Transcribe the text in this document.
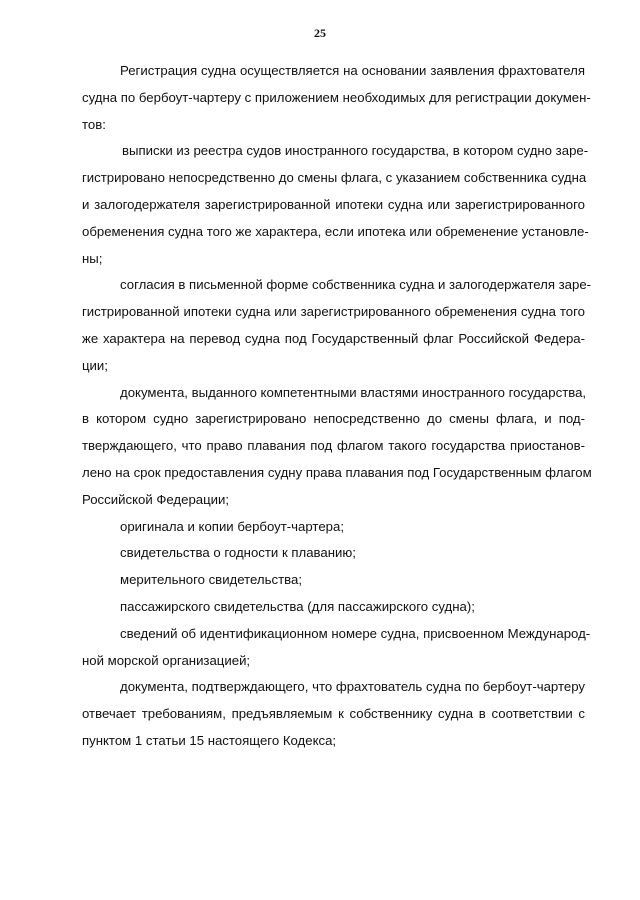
25

Регистрация судна осуществляется на основании заявления фрахтователя
судна по бербоут-чартеру с приложением необходимых для регистрации докумен-
тов:

выписки из реестра судов иностранного государства, в котором судно заре-
гистрировано непосредственно до смены флага, с указанием собственника судна
и залогодержателя зарегистрированной ипотеки судна или зарегистрированного
обременения судна того же характера, если ипотека или обременение установле-
ны;

согласия в письменной форме собственника судна и залогодержателя заре-
гистрированной ипотеки судна или зарегистрированного обременения судна того
же характера на перевод судна под Государственный флаг Российской Федера-
ции;

документа, выданного компетентными властями иностранного государства,
в котором судно зарегистрировано непосредственно до смены флага, и под-
тверждающего, что право плавания под флагом такого государства приостанов-
лено на срок предоставления судну права плавания под Государственным флагом
Российской Федерации;

оригинала и копии бербоут-чартера;

свидетельства о годности к плаванию;

мерительного свидетельства;

пассажирского свидетельства (для пассажирского судна);

сведений об идентификационном номере судна, присвоенном Международ-
ной морской организацией;

документа, подтверждающего, что фрахтователь судна по бербоут-чартеру
отвечает требованиям, предъявляемым к собственнику судна в соответствии с
пунктом 1 статьи 15 настоящего Кодекса;
